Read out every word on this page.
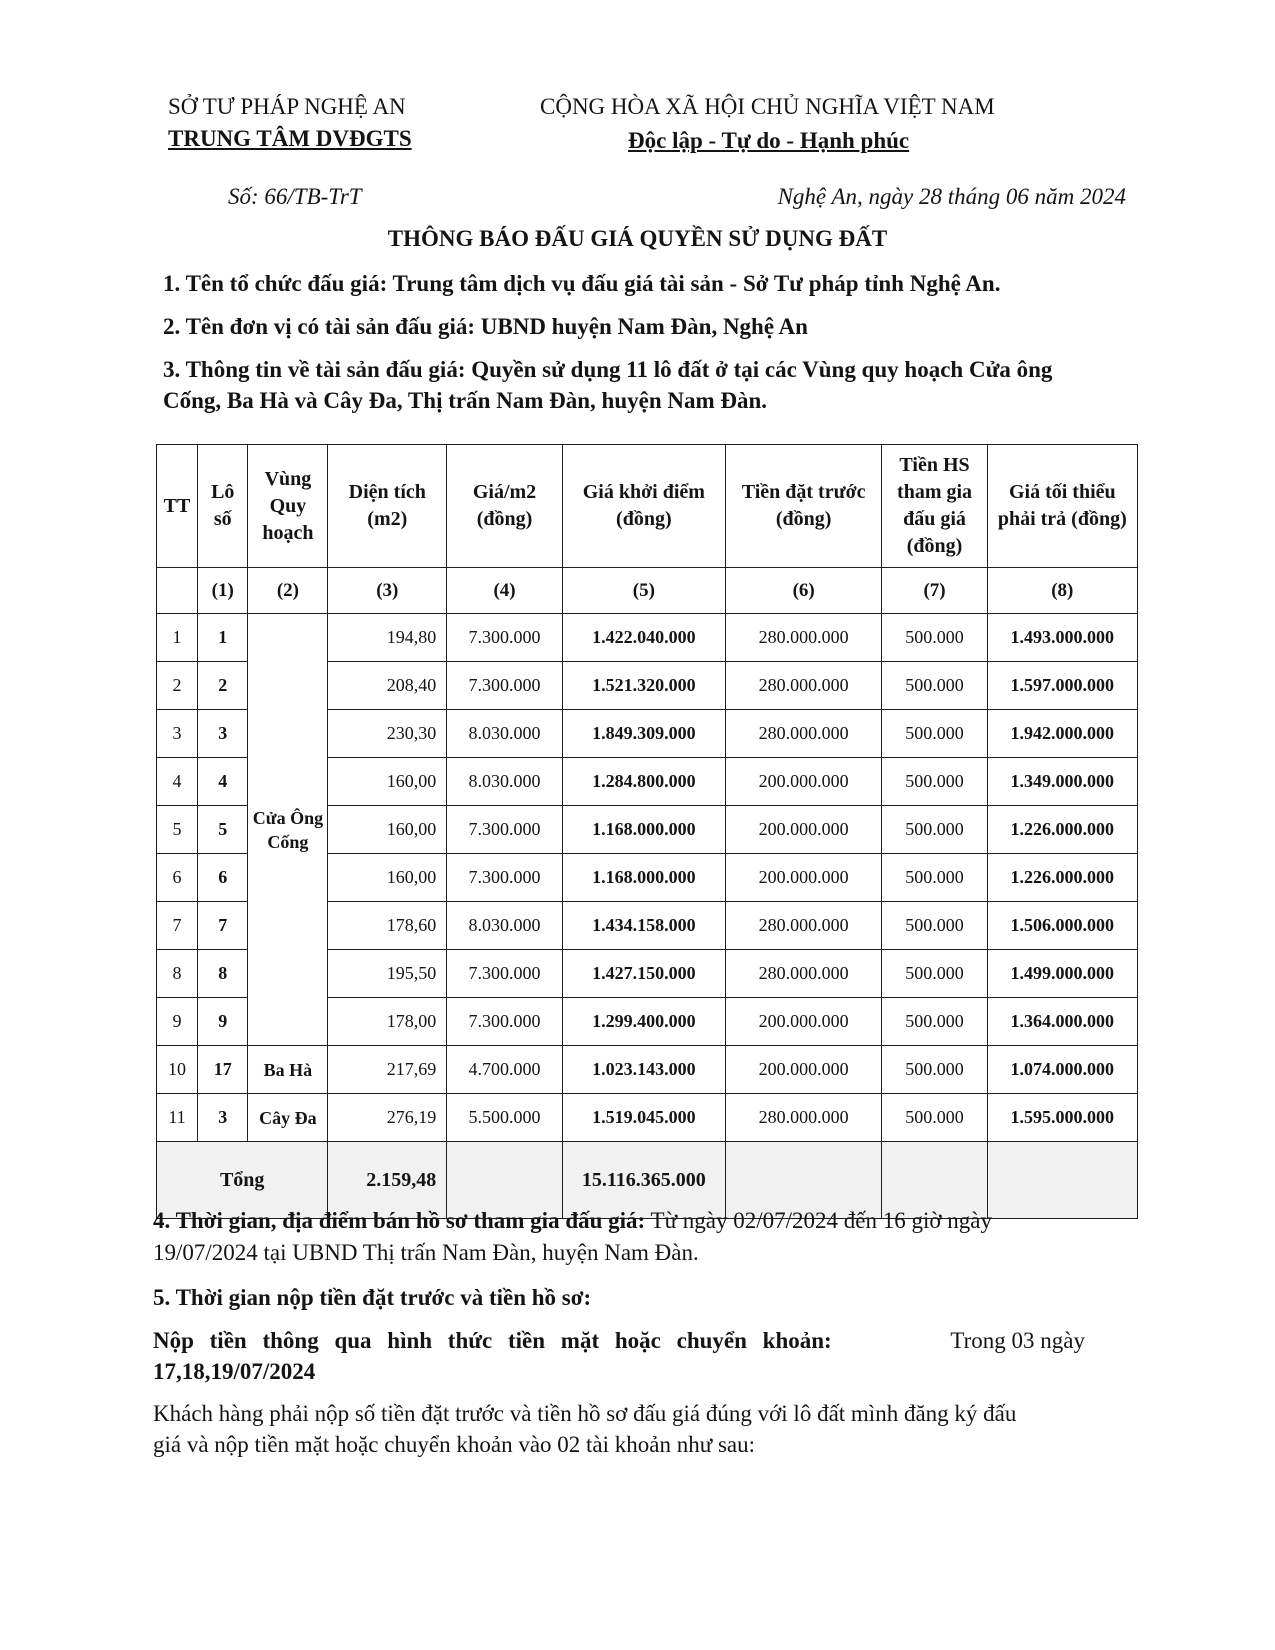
SỞ TƯ PHÁP NGHỆ AN
TRUNG TÂM DVĐGTS
CỘNG HÒA XÃ HỘI CHỦ NGHĨA VIỆT NAM
Độc lập - Tự do - Hạnh phúc
Số: 66/TB-TrT	Nghệ An, ngày 28 tháng 06 năm 2024
THÔNG BÁO ĐẤU GIÁ QUYỀN SỬ DỤNG ĐẤT
1. Tên tổ chức đấu giá: Trung tâm dịch vụ đấu giá tài sản - Sở Tư pháp tỉnh Nghệ An.
2. Tên đơn vị có tài sản đấu giá: UBND huyện Nam Đàn, Nghệ An
3. Thông tin về tài sản đấu giá: Quyền sử dụng 11 lô đất ở tại các Vùng quy hoạch Cửa ông
Cống, Ba Hà và Cây Đa, Thị trấn Nam Đàn, huyện Nam Đàn.
TT	Lô số	Vùng Quy hoạch	Diện tích (m2)	Giá/m2 (đồng)	Giá khởi điểm (đồng)	Tiền đặt trước (đồng)	Tiền HS tham gia đấu giá (đồng)	Giá tối thiểu phải trả (đồng)
	(1)	(2)	(3)	(4)	(5)	(6)	(7)	(8)
1	1	Cửa Ông Cống	194,80	7.300.000	1.422.040.000	280.000.000	500.000	1.493.000.000
2	2		208,40	7.300.000	1.521.320.000	280.000.000	500.000	1.597.000.000
3	3		230,30	8.030.000	1.849.309.000	280.000.000	500.000	1.942.000.000
4	4		160,00	8.030.000	1.284.800.000	200.000.000	500.000	1.349.000.000
5	5		160,00	7.300.000	1.168.000.000	200.000.000	500.000	1.226.000.000
6	6		160,00	7.300.000	1.168.000.000	200.000.000	500.000	1.226.000.000
7	7		178,60	8.030.000	1.434.158.000	280.000.000	500.000	1.506.000.000
8	8		195,50	7.300.000	1.427.150.000	280.000.000	500.000	1.499.000.000
9	9		178,00	7.300.000	1.299.400.000	200.000.000	500.000	1.364.000.000
10	17	Ba Hà	217,69	4.700.000	1.023.143.000	200.000.000	500.000	1.074.000.000
11	3	Cây Đa	276,19	5.500.000	1.519.045.000	280.000.000	500.000	1.595.000.000
Tổng			2.159,48		15.116.365.000			
4. Thời gian, địa điểm bán hồ sơ tham gia đấu giá: Từ ngày 02/07/2024 đến 16 giờ ngày
19/07/2024 tại UBND Thị trấn Nam Đàn, huyện Nam Đàn.
5. Thời gian nộp tiền đặt trước và tiền hồ sơ:
Nộp tiền thông qua hình thức tiền mặt hoặc chuyển khoản:	Trong 03 ngày
17,18,19/07/2024
Khách hàng phải nộp số tiền đặt trước và tiền hồ sơ đấu giá đúng với lô đất mình đăng ký đấu
giá và nộp tiền mặt hoặc chuyển khoản vào 02 tài khoản như sau:
